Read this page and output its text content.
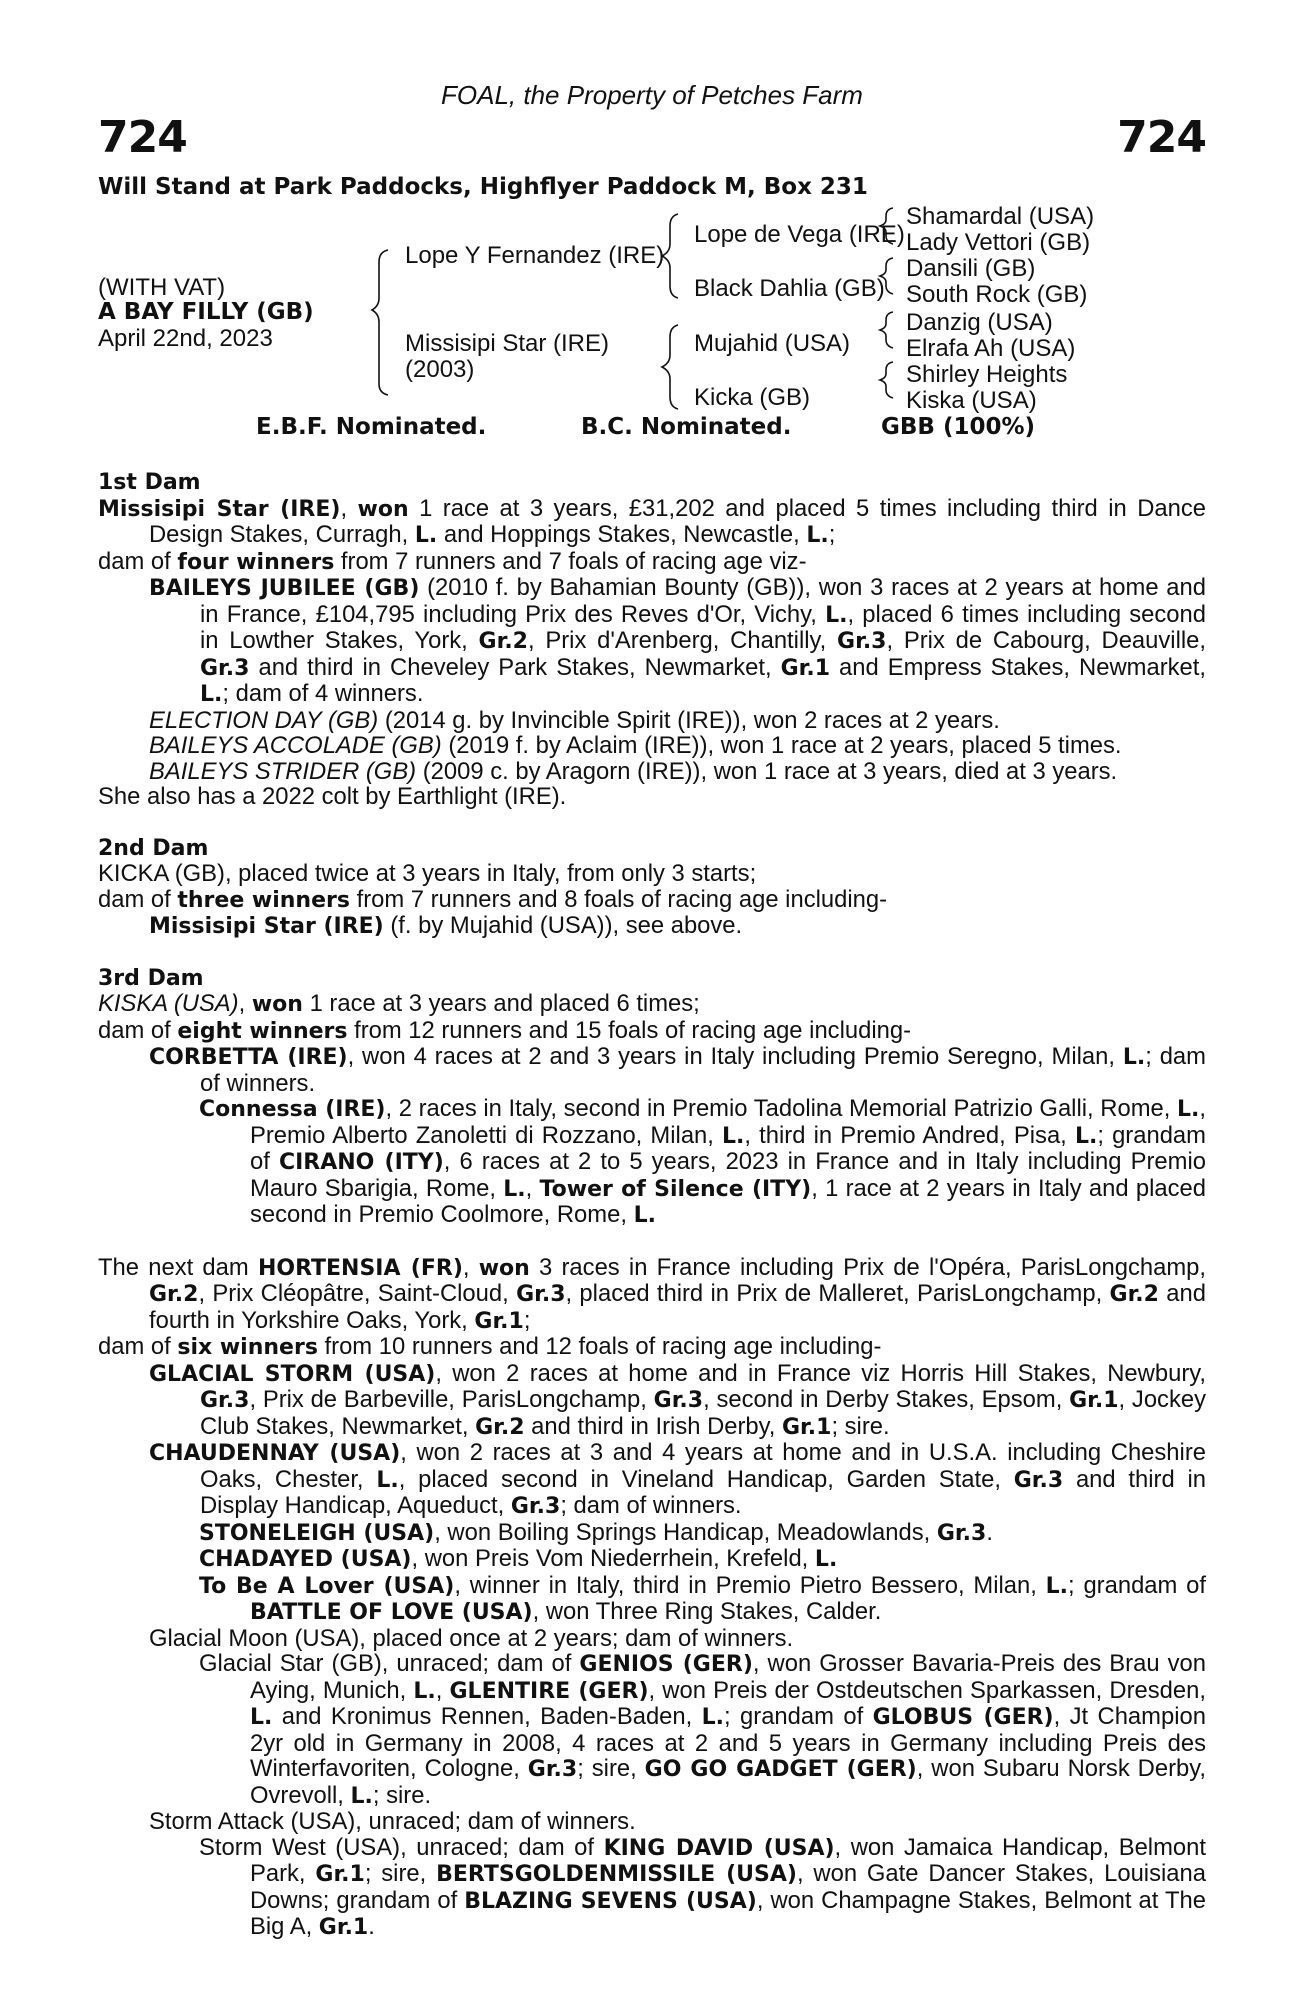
FOAL, the Property of Petches Farm
724	724
Will Stand at Park Paddocks, Highflyer Paddock M, Box 231
(WITH VAT)
A BAY FILLY (GB)
April 22nd, 2023
Lope Y Fernandez (IRE)
Missisipi Star (IRE)
(2003)
Lope de Vega (IRE)
Black Dahlia (GB)
Mujahid (USA)
Kicka (GB)
Shamardal (USA)
Lady Vettori (GB)
Dansili (GB)
South Rock (GB)
Danzig (USA)
Elrafa Ah (USA)
Shirley Heights
Kiska (USA)
E.B.F. Nominated.	B.C. Nominated.	GBB (100%)

1st Dam

Missisipi Star (IRE), won 1 race at 3 years, £31,202 and placed 5 times including third in Dance Design Stakes, Curragh, L. and Hoppings Stakes, Newcastle, L.;

dam of four winners from 7 runners and 7 foals of racing age viz-

BAILEYS JUBILEE (GB) (2010 f. by Bahamian Bounty (GB)), won 3 races at 2 years at home and in France, £104,795 including Prix des Reves d'Or, Vichy, L., placed 6 times including second in Lowther Stakes, York, Gr.2, Prix d'Arenberg, Chantilly, Gr.3, Prix de Cabourg, Deauville, Gr.3 and third in Cheveley Park Stakes, Newmarket, Gr.1 and Empress Stakes, Newmarket, L.; dam of 4 winners.

ELECTION DAY (GB) (2014 g. by Invincible Spirit (IRE)), won 2 races at 2 years.

BAILEYS ACCOLADE (GB) (2019 f. by Aclaim (IRE)), won 1 race at 2 years, placed 5 times.

BAILEYS STRIDER (GB) (2009 c. by Aragorn (IRE)), won 1 race at 3 years, died at 3 years.

She also has a 2022 colt by Earthlight (IRE).

2nd Dam

KICKA (GB), placed twice at 3 years in Italy, from only 3 starts;

dam of three winners from 7 runners and 8 foals of racing age including-

Missisipi Star (IRE) (f. by Mujahid (USA)), see above.

3rd Dam

KISKA (USA), won 1 race at 3 years and placed 6 times;

dam of eight winners from 12 runners and 15 foals of racing age including-

CORBETTA (IRE), won 4 races at 2 and 3 years in Italy including Premio Seregno, Milan, L.; dam of winners.

Connessa (IRE), 2 races in Italy, second in Premio Tadolina Memorial Patrizio Galli, Rome, L., Premio Alberto Zanoletti di Rozzano, Milan, L., third in Premio Andred, Pisa, L.; grandam of CIRANO (ITY), 6 races at 2 to 5 years, 2023 in France and in Italy including Premio Mauro Sbarigia, Rome, L., Tower of Silence (ITY), 1 race at 2 years in Italy and placed second in Premio Coolmore, Rome, L.

The next dam HORTENSIA (FR), won 3 races in France including Prix de l'Opéra, ParisLongchamp, Gr.2, Prix Cléopâtre, Saint-Cloud, Gr.3, placed third in Prix de Malleret, ParisLongchamp, Gr.2 and fourth in Yorkshire Oaks, York, Gr.1;

dam of six winners from 10 runners and 12 foals of racing age including-

GLACIAL STORM (USA), won 2 races at home and in France viz Horris Hill Stakes, Newbury, Gr.3, Prix de Barbeville, ParisLongchamp, Gr.3, second in Derby Stakes, Epsom, Gr.1, Jockey Club Stakes, Newmarket, Gr.2 and third in Irish Derby, Gr.1; sire.

CHAUDENNAY (USA), won 2 races at 3 and 4 years at home and in U.S.A. including Cheshire Oaks, Chester, L., placed second in Vineland Handicap, Garden State, Gr.3 and third in Display Handicap, Aqueduct, Gr.3; dam of winners.

STONELEIGH (USA), won Boiling Springs Handicap, Meadowlands, Gr.3.

CHADAYED (USA), won Preis Vom Niederrhein, Krefeld, L.

To Be A Lover (USA), winner in Italy, third in Premio Pietro Bessero, Milan, L.; grandam of BATTLE OF LOVE (USA), won Three Ring Stakes, Calder.

Glacial Moon (USA), placed once at 2 years; dam of winners.

Glacial Star (GB), unraced; dam of GENIOS (GER), won Grosser Bavaria-Preis des Brau von Aying, Munich, L., GLENTIRE (GER), won Preis der Ostdeutschen Sparkassen, Dresden, L. and Kronimus Rennen, Baden-Baden, L.; grandam of GLOBUS (GER), Jt Champion 2yr old in Germany in 2008, 4 races at 2 and 5 years in Germany including Preis des Winterfavoriten, Cologne, Gr.3; sire, GO GO GADGET (GER), won Subaru Norsk Derby, Ovrevoll, L.; sire.

Storm Attack (USA), unraced; dam of winners.

Storm West (USA), unraced; dam of KING DAVID (USA), won Jamaica Handicap, Belmont Park, Gr.1; sire, BERTSGOLDENMISSILE (USA), won Gate Dancer Stakes, Louisiana Downs; grandam of BLAZING SEVENS (USA), won Champagne Stakes, Belmont at The Big A, Gr.1.
